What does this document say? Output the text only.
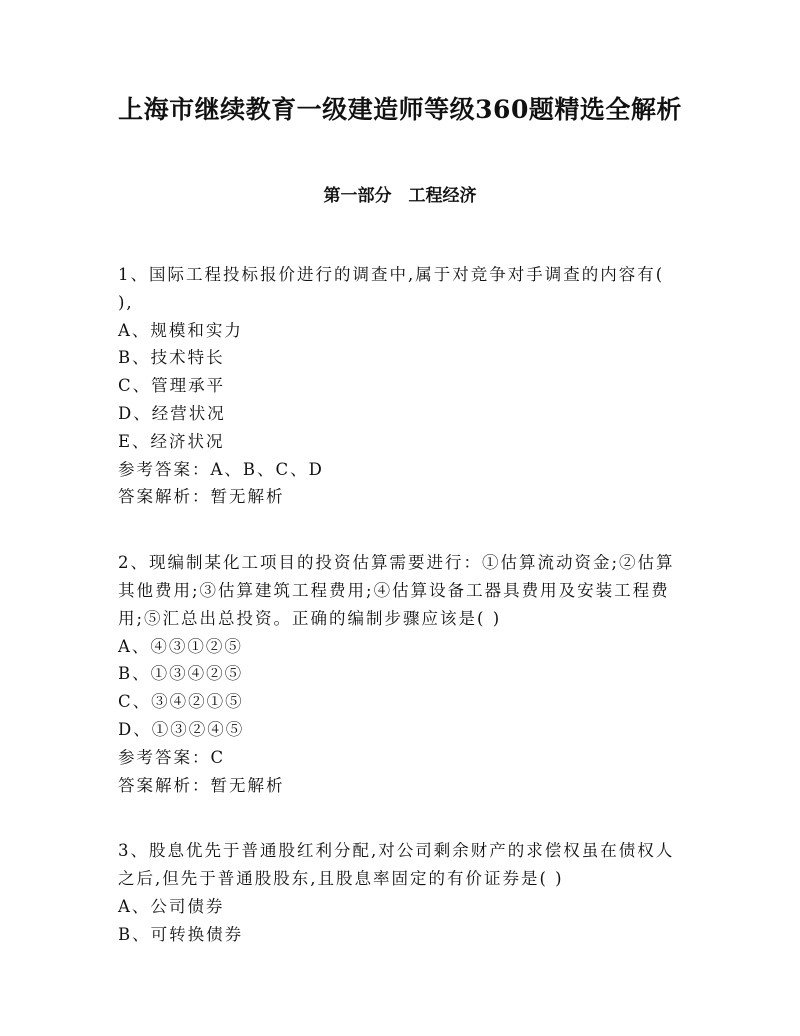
上海市继续教育一级建造师等级360题精选全解析
第一部分　工程经济
1、国际工程投标报价进行的调查中,属于对竞争对手调查的内容有(
),
A、规模和实力
B、技术特长
C、管理承平
D、经营状况
E、经济状况
参考答案：A、B、C、D
答案解析：暂无解析
2、现编制某化工项目的投资估算需要进行：①估算流动资金;②估算
其他费用;③估算建筑工程费用;④估算设备工器具费用及安装工程费
用;⑤汇总出总投资。正确的编制步骤应该是( )
A、④③①②⑤
B、①③④②⑤
C、③④②①⑤
D、①③②④⑤
参考答案：C
答案解析：暂无解析
3、股息优先于普通股红利分配,对公司剩余财产的求偿权虽在债权人
之后,但先于普通股股东,且股息率固定的有价证券是( )
A、公司债券
B、可转换债券
